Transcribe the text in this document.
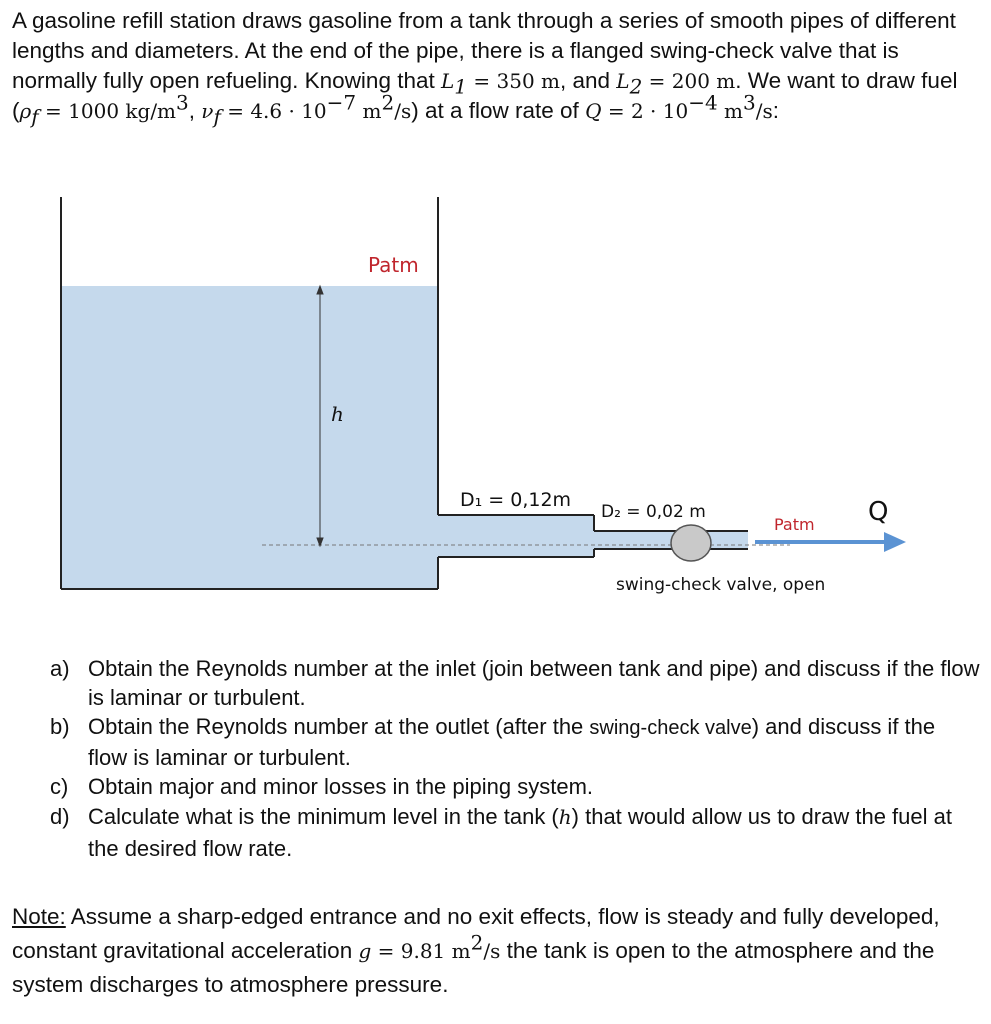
A gasoline refill station draws gasoline from a tank through a series of smooth pipes of different lengths and diameters. At the end of the pipe, there is a flanged swing-check valve that is normally fully open refueling. Knowing that $L_1 = 350$ m, and $L_2 = 200$ m. We want to draw fuel ($\rho_f = 1000$ $kg/m^3$, $\nu_f = 4.6 \cdot 10^{-7}$ $m^2/s$) at a flow rate of $Q = 2 \cdot 10^{-4}$ $m^3/s$:

Patm
h
D₁ = 0,12m
D₂ = 0,02 m
Patm Q
swing-check valve, open
a) Obtain the Reynolds number at the inlet (join between tank and pipe) and discuss if the flow is laminar or turbulent.
b) Obtain the Reynolds number at the outlet (after the swing-check valve) and discuss if the flow is laminar or turbulent.
c) Obtain major and minor losses in the piping system.
d) Calculate what is the minimum level in the tank (h) that would allow us to draw the fuel at the desired flow rate.

Note: Assume a sharp-edged entrance and no exit effects, flow is steady and fully developed, constant gravitational acceleration g = 9.81 $m^2/s$ the tank is open to the atmosphere and the system discharges to atmosphere pressure.
